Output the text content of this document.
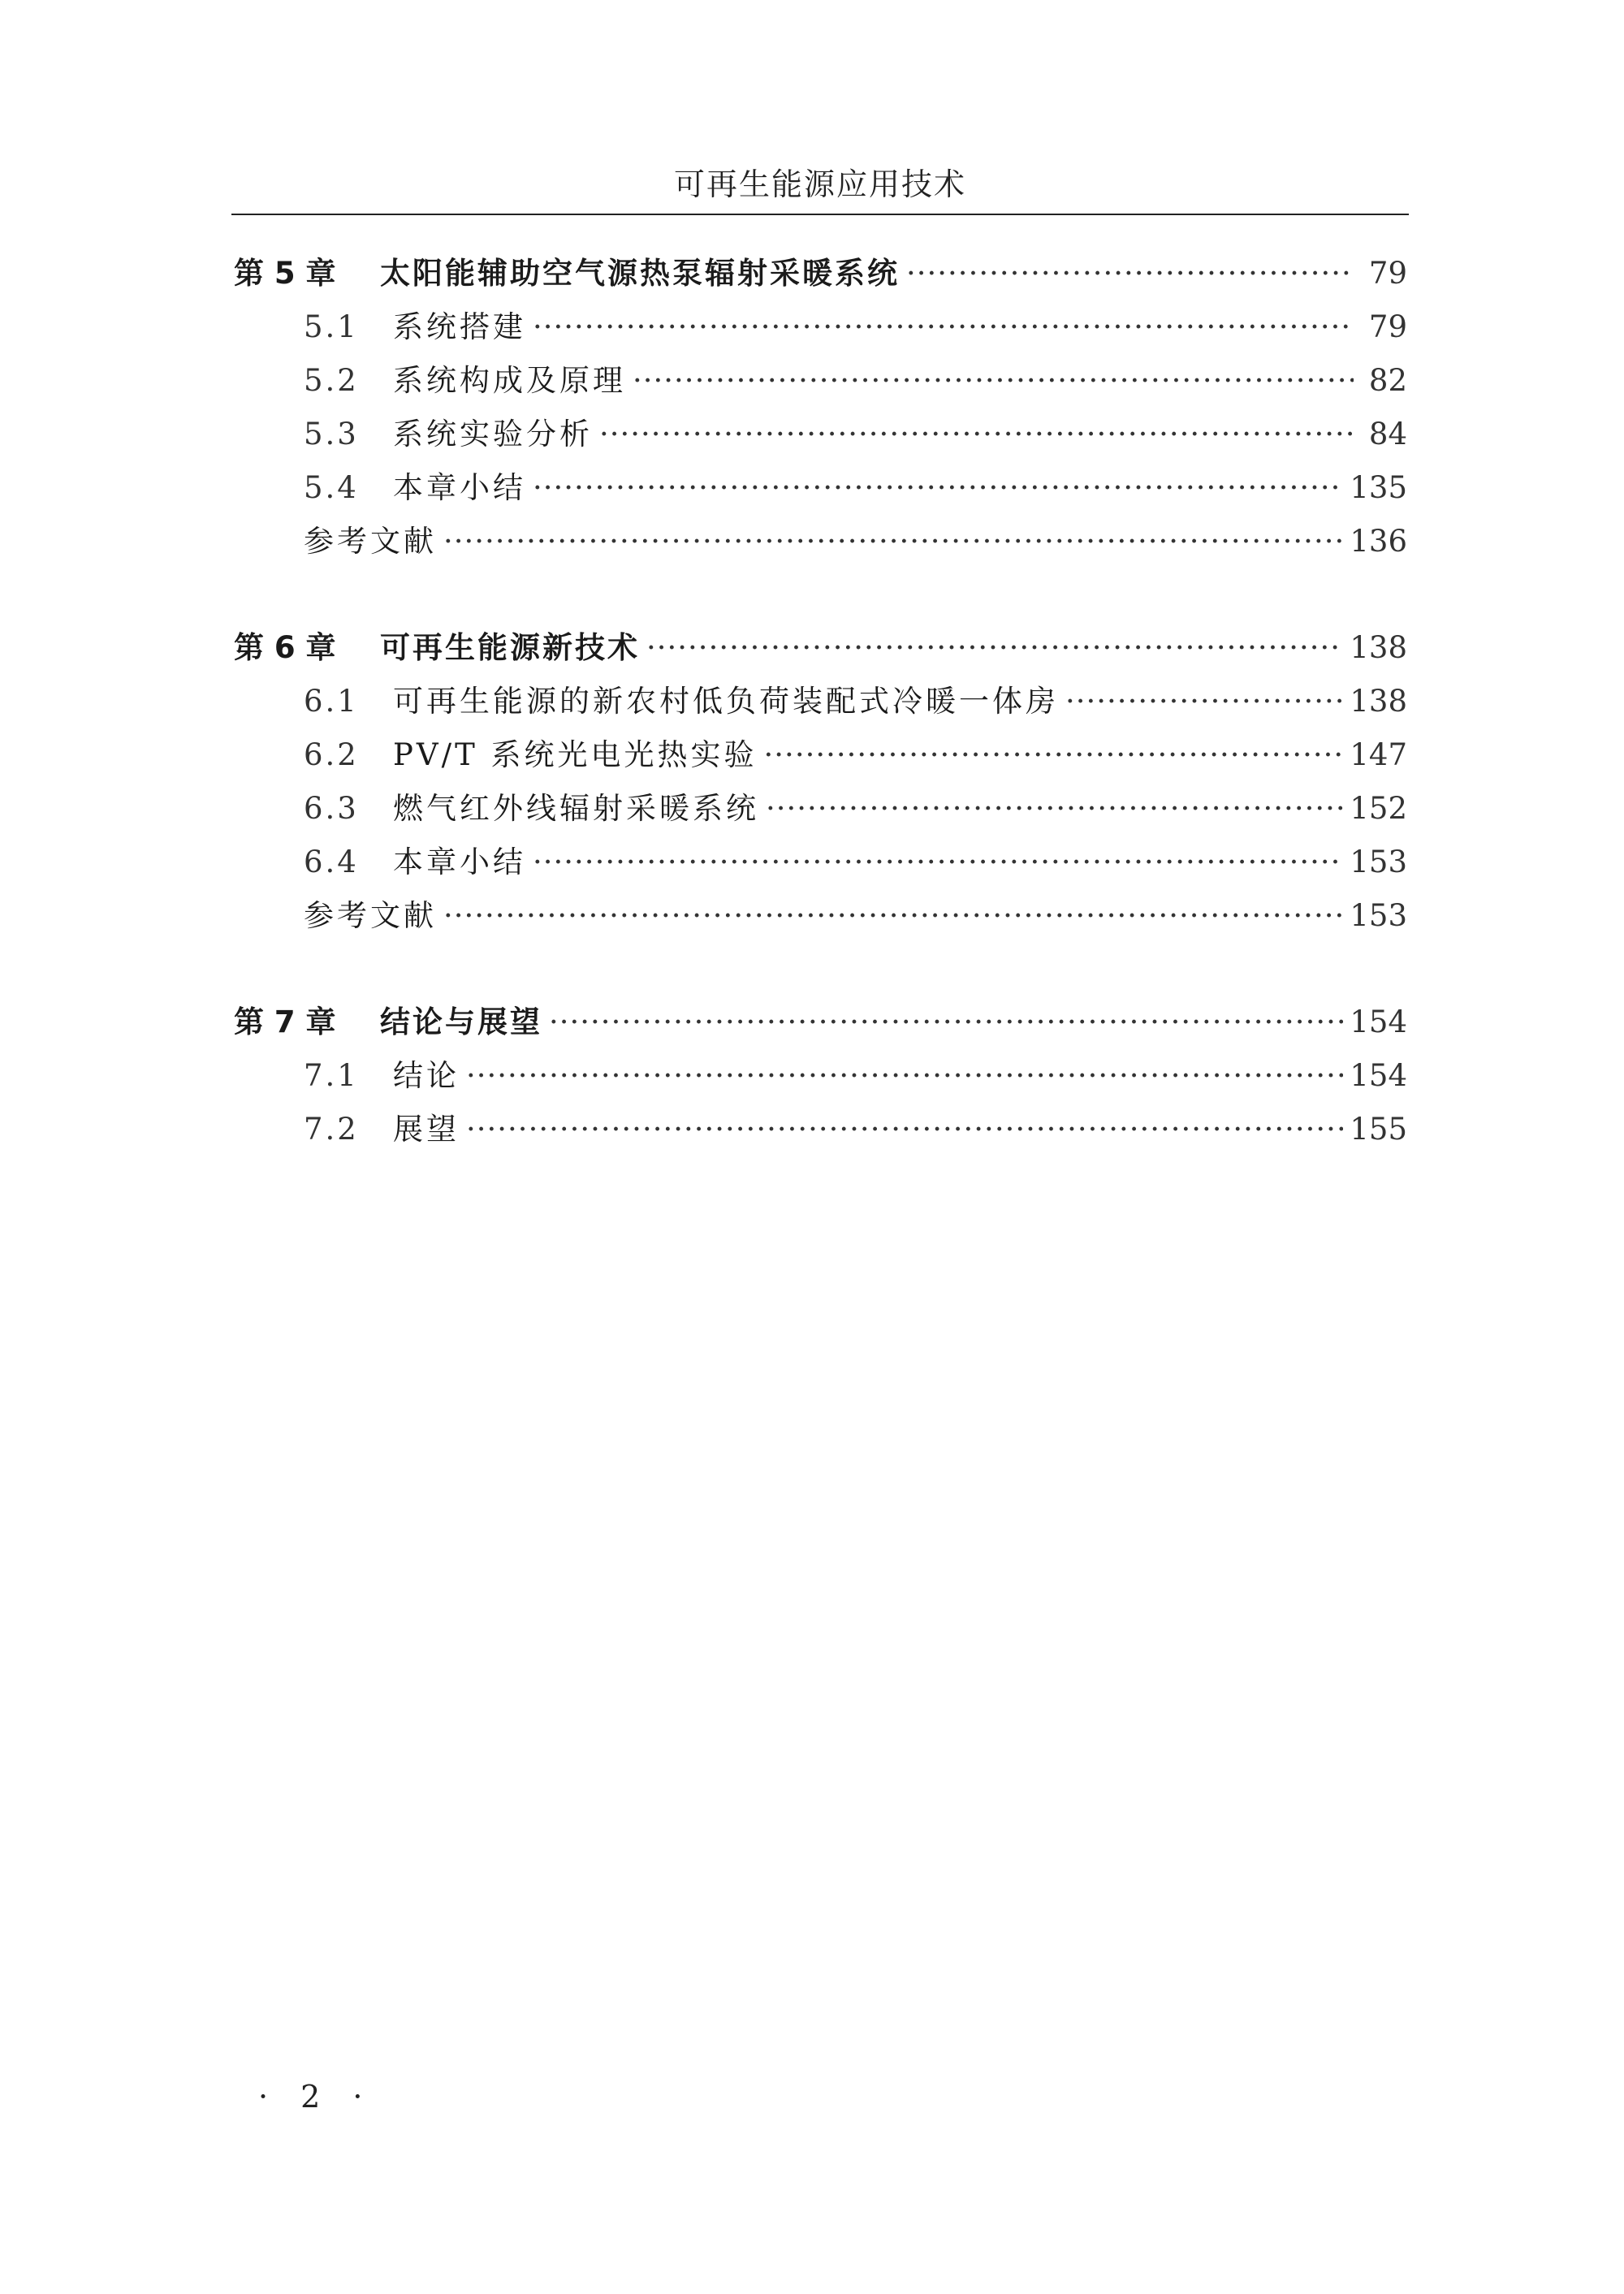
可再生能源应用技术
第 5 章	太阳能辅助空气源热泵辐射采暖系统 ·····	79
5.1	系统搭建 ·····	79
5.2	系统构成及原理 ·····	82
5.3	系统实验分析 ·····	84
5.4	本章小结 ·····	135
参考文献 ·····	136
第 6 章	可再生能源新技术 ·····	138
6.1	可再生能源的新农村低负荷装配式冷暖一体房 ·····	138
6.2	PV/T 系统光电光热实验 ·····	147
6.3	燃气红外线辐射采暖系统 ·····	152
6.4	本章小结 ·····	153
参考文献 ·····	153
第 7 章	结论与展望 ·····	154
7.1	结论 ·····	154
7.2	展望 ·····	155
· 2 ·
